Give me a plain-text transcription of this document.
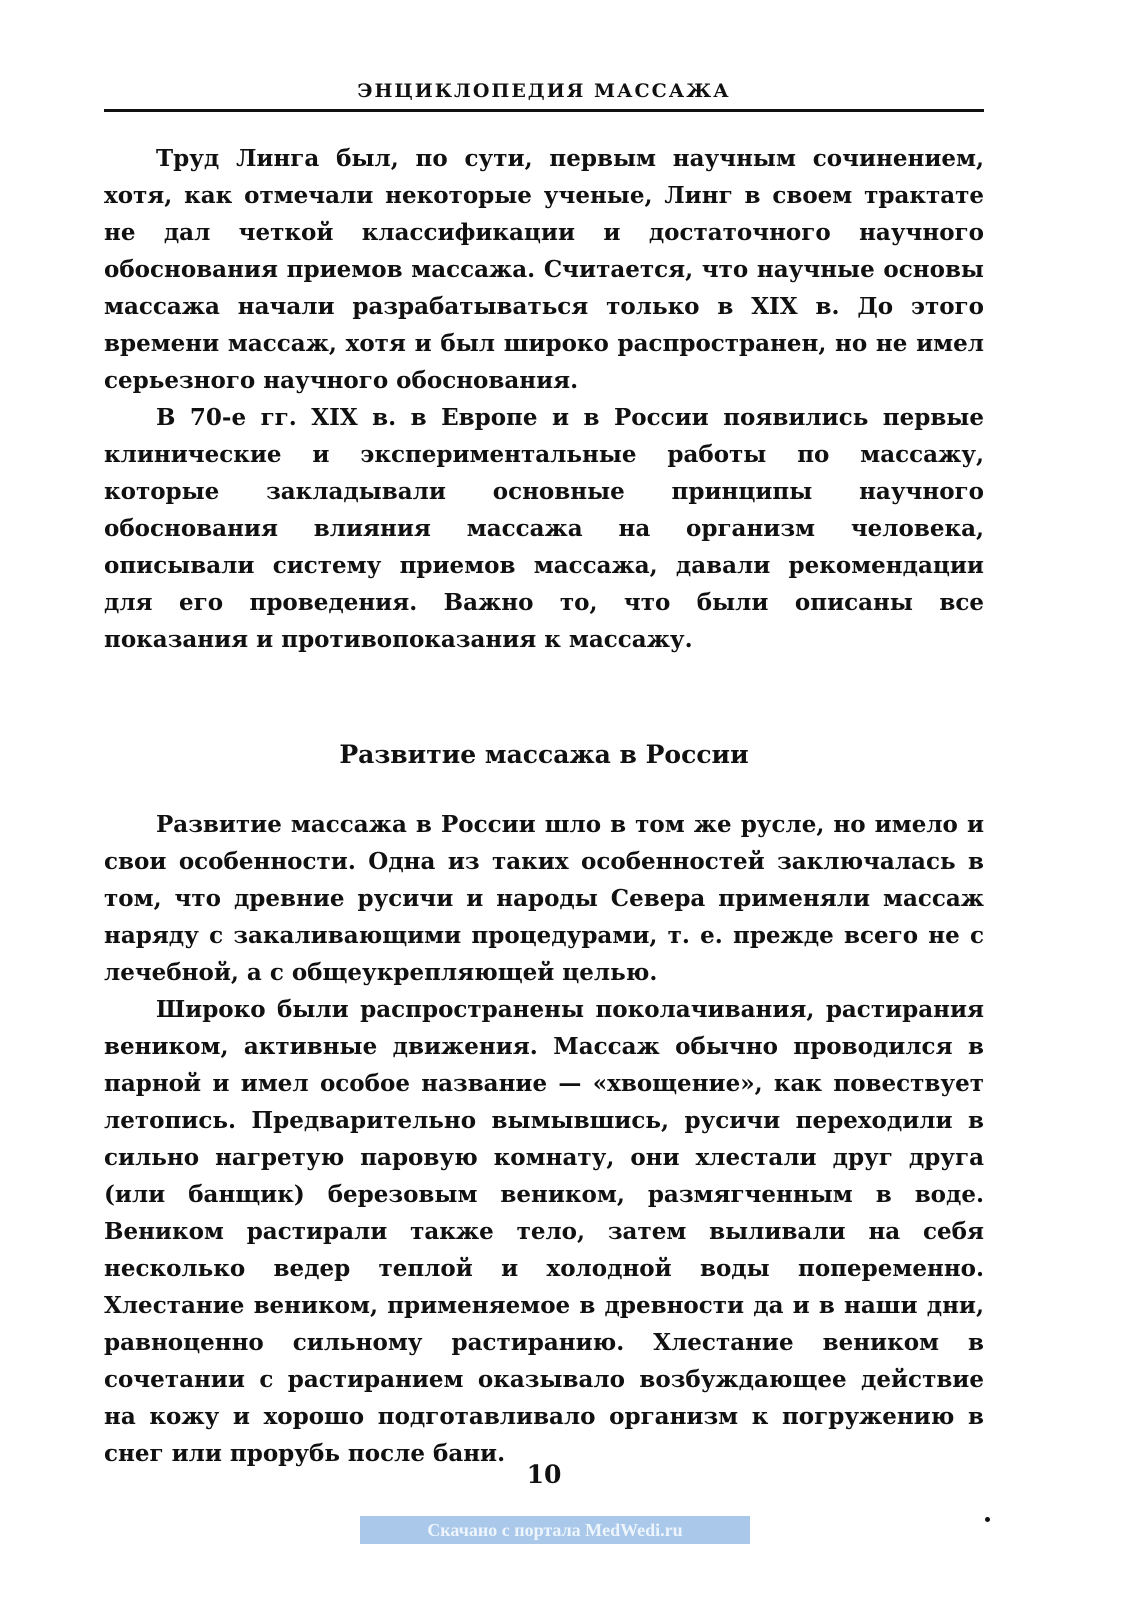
ЭНЦИКЛОПЕДИЯ МАССАЖА

Труд Линга был, по сути, первым научным сочинением, хотя, как отмечали некоторые ученые, Линг в своем трактате не дал четкой классификации и достаточного научного обоснования приемов массажа. Считается, что научные основы массажа начали разрабатываться только в XIX в. До этого времени массаж, хотя и был широко распространен, но не имел серьезного научного обоснования.

В 70-е гг. XIX в. в Европе и в России появились первые клинические и экспериментальные работы по массажу, которые закладывали основные принципы научного обоснования влияния массажа на организм человека, описывали систему приемов массажа, давали рекомендации для его проведения. Важно то, что были описаны все показания и противопоказания к массажу.

Развитие массажа в России

Развитие массажа в России шло в том же русле, но имело и свои особенности. Одна из таких особенностей заключалась в том, что древние русичи и народы Севера применяли массаж наряду с закаливающими процедурами, т. е. прежде всего не с лечебной, а с общеукрепляющей целью.

Широко были распространены поколачивания, растирания веником, активные движения. Массаж обычно проводился в парной и имел особое название — «хвощение», как повествует летопись. Предварительно вымывшись, русичи переходили в сильно нагретую паровую комнату, они хлестали друг друга (или банщик) березовым веником, размягченным в воде. Веником растирали также тело, затем выливали на себя несколько ведер теплой и холодной воды попеременно. Хлестание веником, применяемое в древности да и в наши дни, равноценно сильному растиранию. Хлестание веником в сочетании с растиранием оказывало возбуждающее действие на кожу и хорошо подготавливало организм к погружению в снег или прорубь после бани.

10
Скачано с портала MedWedi.ru
